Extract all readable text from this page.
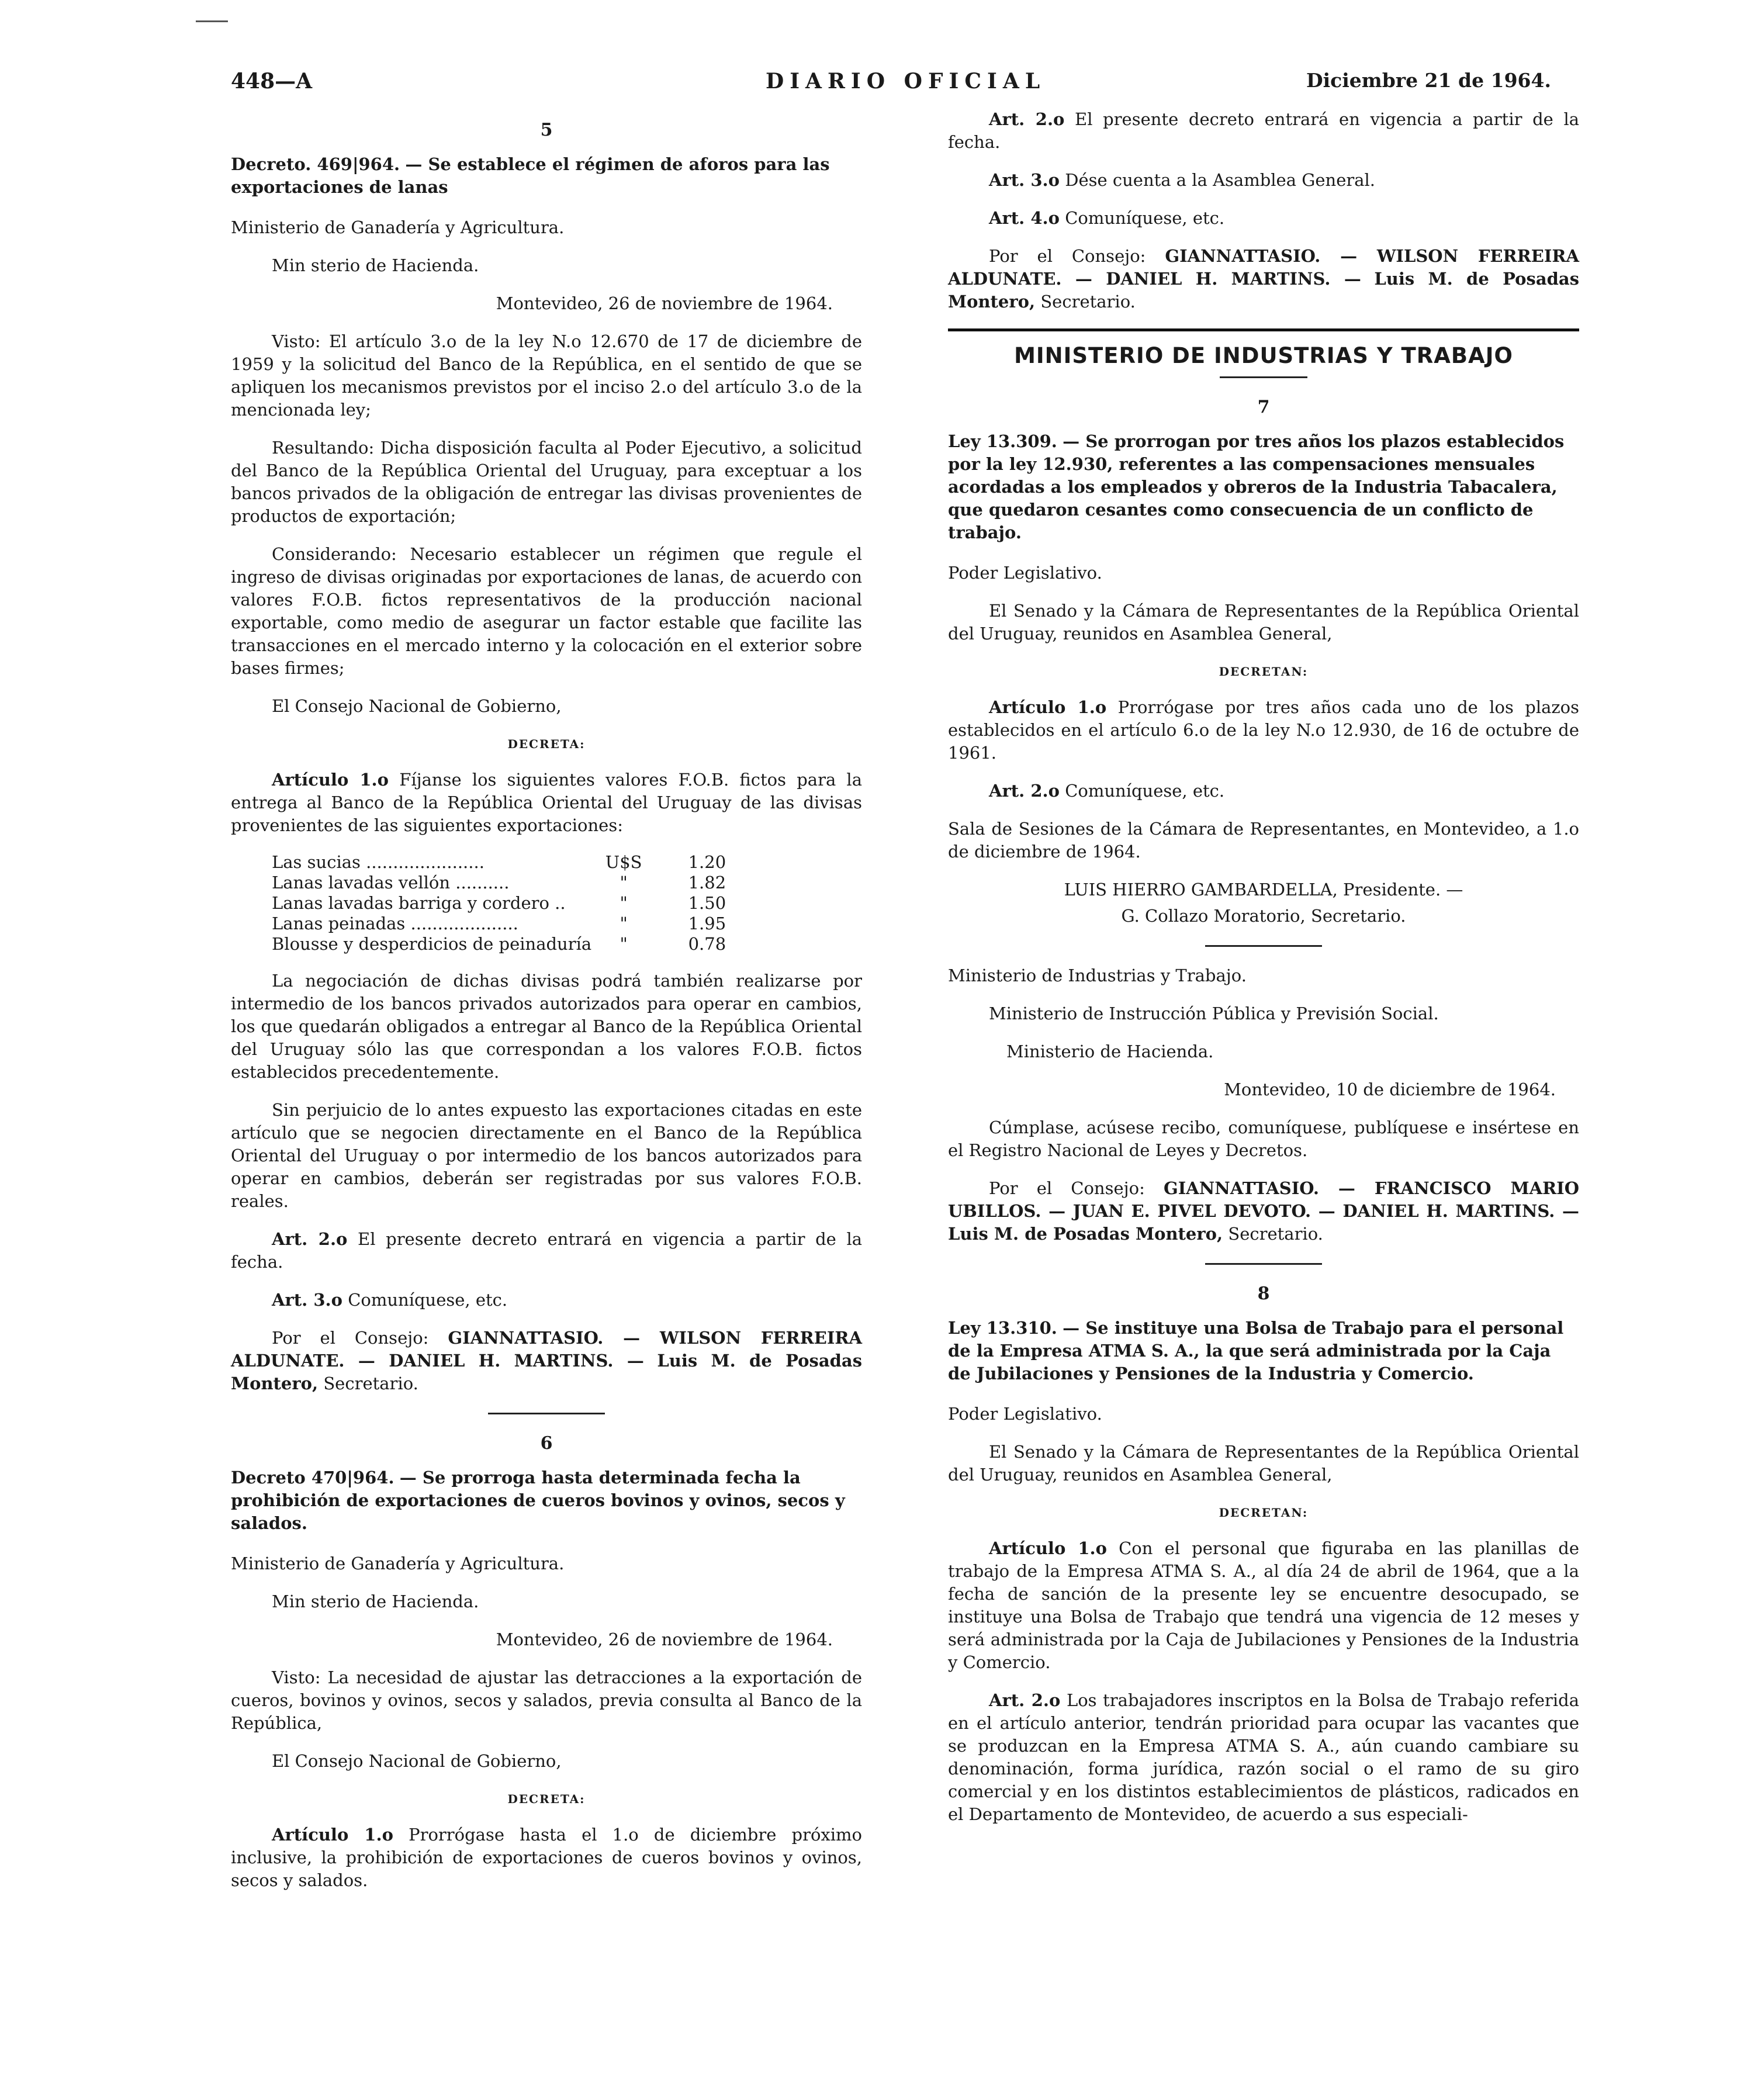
448—A	DIARIO OFICIAL	Diciembre 21 de 1964.
5
Decreto. 469|964. — Se establece el régimen de aforos para las exportaciones de lanas

Ministerio de Ganadería y Agricultura.

Min sterio de Hacienda.

Montevideo, 26 de noviembre de 1964.

Visto: El artículo 3.o de la ley N.o 12.670 de 17 de diciembre de 1959 y la solicitud del Banco de la República, en el sentido de que se apliquen los mecanismos previstos por el inciso 2.o del artículo 3.o de la mencionada ley;

Resultando: Dicha disposición faculta al Poder Ejecutivo, a solicitud del Banco de la República Oriental del Uruguay, para exceptuar a los bancos privados de la obligación de entregar las divisas provenientes de productos de exportación;

Considerando: Necesario establecer un régimen que regule el ingreso de divisas originadas por exportaciones de lanas, de acuerdo con valores F.O.B. fictos representativos de la producción nacional exportable, como medio de asegurar un factor estable que facilite las transacciones en el mercado interno y la colocación en el exterior sobre bases firmes;

El Consejo Nacional de Gobierno,

DECRETA:

Artículo 1.o Fíjanse los siguientes valores F.O.B. fictos para la entrega al Banco de la República Oriental del Uruguay de las divisas provenientes de las siguientes exportaciones:

Las sucias ......................	U$S	1.20
Lanas lavadas vellón ..........	"	1.82
Lanas lavadas barriga y cordero ..	"	1.50
Lanas peinadas ....................	"	1.95
Blousse y desperdicios de peinaduría	"	0.78

La negociación de dichas divisas podrá también realizarse por intermedio de los bancos privados autorizados para operar en cambios, los que quedarán obligados a entregar al Banco de la República Oriental del Uruguay sólo las que correspondan a los valores F.O.B. fictos establecidos precedentemente.

Sin perjuicio de lo antes expuesto las exportaciones citadas en este artículo que se negocien directamente en el Banco de la República Oriental del Uruguay o por intermedio de los bancos autorizados para operar en cambios, deberán ser registradas por sus valores F.O.B. reales.

Art. 2.o El presente decreto entrará en vigencia a partir de la fecha.

Art. 3.o Comuníquese, etc.

Por el Consejo: GIANNATTASIO. — WILSON FERREIRA ALDUNATE. — DANIEL H. MARTINS. — Luis M. de Posadas Montero, Secretario.

6
Decreto 470|964. — Se prorroga hasta determinada fecha la prohibición de exportaciones de cueros bovinos y ovinos, secos y salados.

Ministerio de Ganadería y Agricultura.

Min sterio de Hacienda.

Montevideo, 26 de noviembre de 1964.

Visto: La necesidad de ajustar las detracciones a la exportación de cueros, bovinos y ovinos, secos y salados, previa consulta al Banco de la República,

El Consejo Nacional de Gobierno,

DECRETA:

Artículo 1.o Prorrógase hasta el 1.o de diciembre próximo inclusive, la prohibición de exportaciones de cueros bovinos y ovinos, secos y salados.

Art. 2.o El presente decreto entrará en vigencia a partir de la fecha.

Art. 3.o Dése cuenta a la Asamblea General.

Art. 4.o Comuníquese, etc.

Por el Consejo: GIANNATTASIO. — WILSON FERREIRA ALDUNATE. — DANIEL H. MARTINS. — Luis M. de Posadas Montero, Secretario.

MINISTERIO DE INDUSTRIAS Y TRABAJO
7
Ley 13.309. — Se prorrogan por tres años los plazos establecidos por la ley 12.930, referentes a las compensaciones mensuales acordadas a los empleados y obreros de la Industria Tabacalera, que quedaron cesantes como consecuencia de un conflicto de trabajo.

Poder Legislativo.

El Senado y la Cámara de Representantes de la República Oriental del Uruguay, reunidos en Asamblea General,

DECRETAN:

Artículo 1.o Prorrógase por tres años cada uno de los plazos establecidos en el artículo 6.o de la ley N.o 12.930, de 16 de octubre de 1961.

Art. 2.o Comuníquese, etc.

Sala de Sesiones de la Cámara de Representantes, en Montevideo, a 1.o de diciembre de 1964.

LUIS HIERRO GAMBARDELLA, Presidente. —
G. Collazo Moratorio, Secretario.

Ministerio de Industrias y Trabajo.

Ministerio de Instrucción Pública y Previsión Social.

Ministerio de Hacienda.

Montevideo, 10 de diciembre de 1964.

Cúmplase, acúsese recibo, comuníquese, publíquese e insértese en el Registro Nacional de Leyes y Decretos.

Por el Consejo: GIANNATTASIO. — FRANCISCO MARIO UBILLOS. — JUAN E. PIVEL DEVOTO. — DANIEL H. MARTINS. — Luis M. de Posadas Montero, Secretario.

8
Ley 13.310. — Se instituye una Bolsa de Trabajo para el personal de la Empresa ATMA S. A., la que será administrada por la Caja de Jubilaciones y Pensiones de la Industria y Comercio.

Poder Legislativo.

El Senado y la Cámara de Representantes de la República Oriental del Uruguay, reunidos en Asamblea General,

DECRETAN:

Artículo 1.o Con el personal que figuraba en las planillas de trabajo de la Empresa ATMA S. A., al día 24 de abril de 1964, que a la fecha de sanción de la presente ley se encuentre desocupado, se instituye una Bolsa de Trabajo que tendrá una vigencia de 12 meses y será administrada por la Caja de Jubilaciones y Pensiones de la Industria y Comercio.

Art. 2.o Los trabajadores inscriptos en la Bolsa de Trabajo referida en el artículo anterior, tendrán prioridad para ocupar las vacantes que se produzcan en la Empresa ATMA S. A., aún cuando cambiare su denominación, forma jurídica, razón social o el ramo de su giro comercial y en los distintos establecimientos de plásticos, radicados en el Departamento de Montevideo, de acuerdo a sus especiali-
